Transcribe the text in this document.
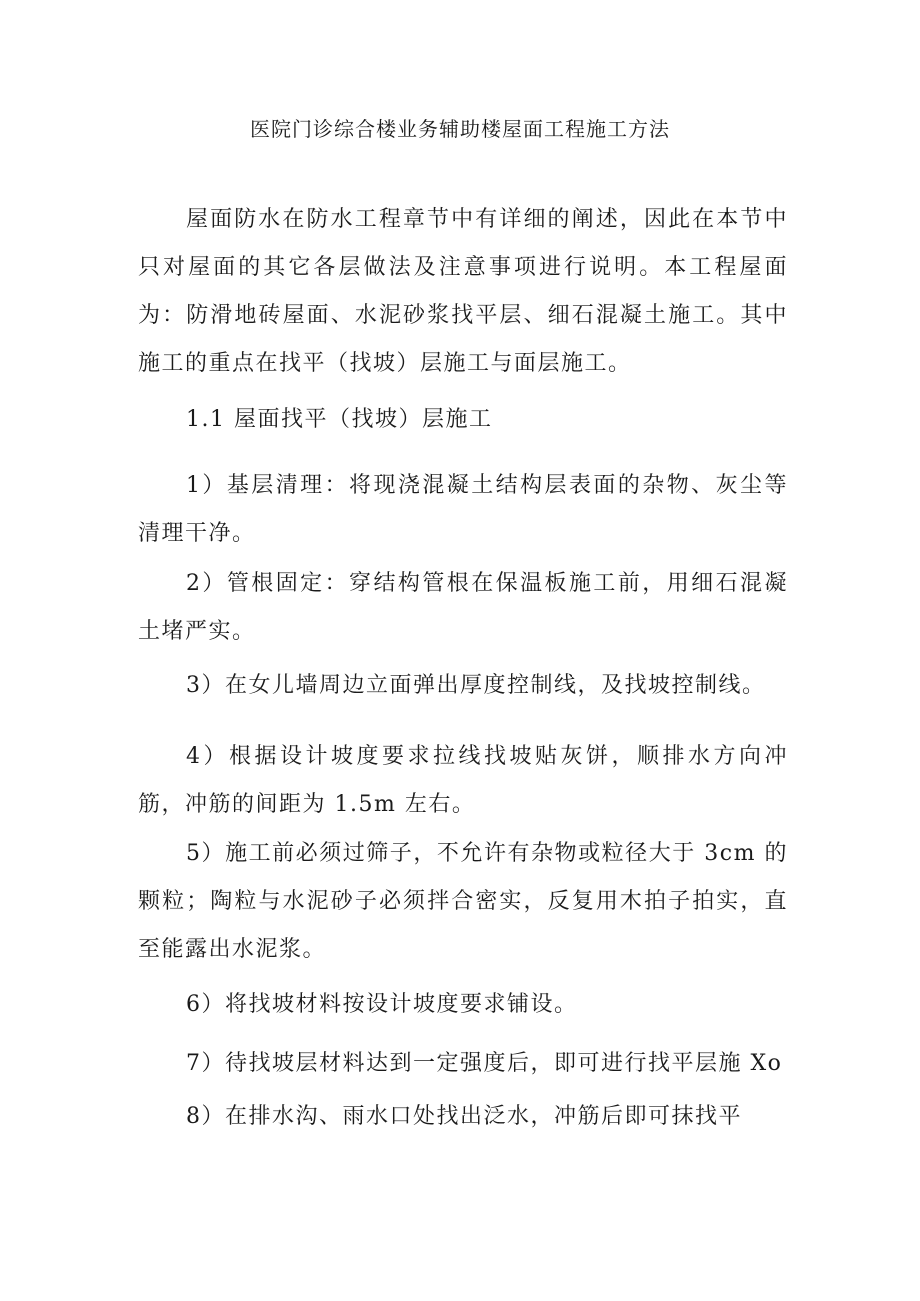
医院门诊综合楼业务辅助楼屋面工程施工方法

屋面防水在防水工程章节中有详细的阐述，因此在本节中只对屋面的其它各层做法及注意事项进行说明。本工程屋面为：防滑地砖屋面、水泥砂浆找平层、细石混凝土施工。其中施工的重点在找平（找坡）层施工与面层施工。

1.1 屋面找平（找坡）层施工

1）基层清理：将现浇混凝土结构层表面的杂物、灰尘等清理干净。

2）管根固定：穿结构管根在保温板施工前，用细石混凝土堵严实。

3）在女儿墙周边立面弹出厚度控制线，及找坡控制线。

4）根据设计坡度要求拉线找坡贴灰饼，顺排水方向冲筋，冲筋的间距为 1.5m 左右。

5）施工前必须过筛子，不允许有杂物或粒径大于 3cm 的颗粒；陶粒与水泥砂子必须拌合密实，反复用木拍子拍实，直至能露出水泥浆。

6）将找坡材料按设计坡度要求铺设。

7）待找坡层材料达到一定强度后，即可进行找平层施 Xo

8）在排水沟、雨水口处找出泛水，冲筋后即可抹找平
